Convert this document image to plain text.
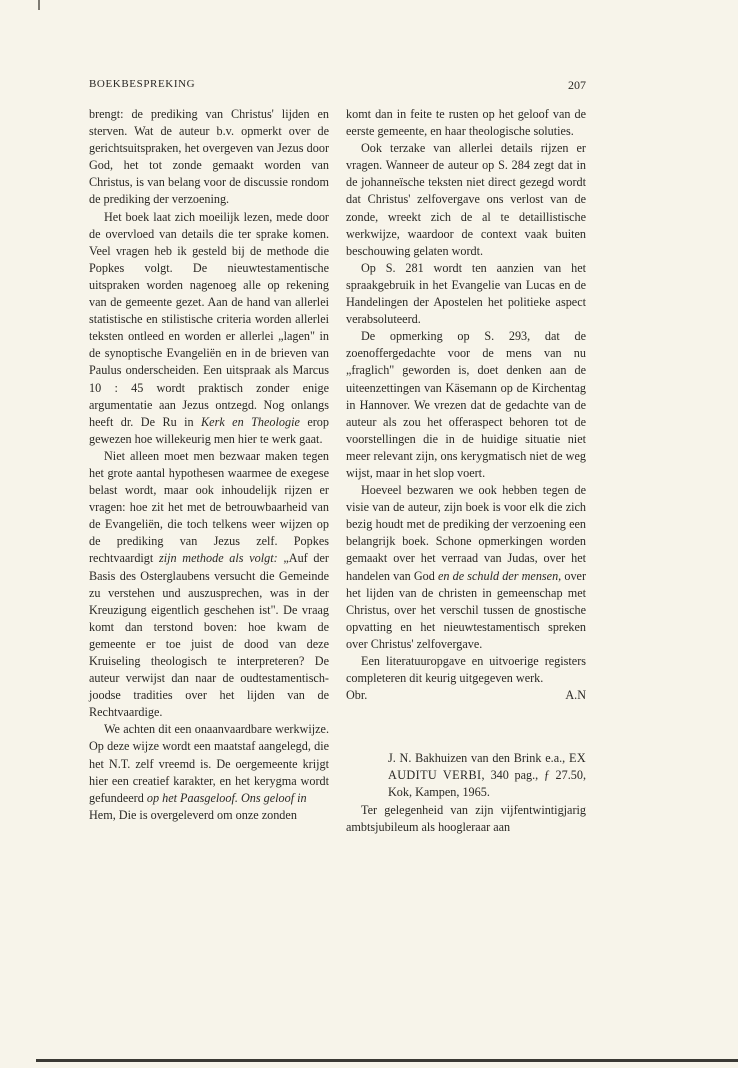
BOEKBESPREKING	207

brengt: de prediking van Christus' lijden en sterven. Wat de auteur b.v. opmerkt over de gerichtsuitspraken, het overgeven van Jezus door God, het tot zonde gemaakt worden van Christus, is van belang voor de discussie rondom de prediking der verzoening.

Het boek laat zich moeilijk lezen, mede door de overvloed van details die ter sprake komen. Veel vragen heb ik gesteld bij de methode die Popkes volgt. De nieuwtestamentische uitspraken worden nagenoeg alle op rekening van de gemeente gezet. Aan de hand van allerlei statistische en stilistische criteria worden allerlei teksten ontleed en worden er allerlei „lagen" in de synoptische Evangeliën en in de brieven van Paulus onderscheiden. Een uitspraak als Marcus 10 : 45 wordt praktisch zonder enige argumentatie aan Jezus ontzegd. Nog onlangs heeft dr. De Ru in Kerk en Theologie erop gewezen hoe willekeurig men hier te werk gaat.

Niet alleen moet men bezwaar maken tegen het grote aantal hypothesen waarmee de exegese belast wordt, maar ook inhoudelijk rijzen er vragen: hoe zit het met de betrouwbaarheid van de Evangeliën, die toch telkens weer wijzen op de prediking van Jezus zelf. Popkes rechtvaardigt zijn methode als volgt: „Auf der Basis des Osterglaubens versucht die Gemeinde zu verstehen und auszusprechen, was in der Kreuzigung eigentlich geschehen ist". De vraag komt dan terstond boven: hoe kwam de gemeente er toe juist de dood van deze Kruiseling theologisch te interpreteren? De auteur verwijst dan naar de oudtestamentisch-joodse tradities over het lijden van de Rechtvaardige.

We achten dit een onaanvaardbare werkwijze. Op deze wijze wordt een maatstaf aangelegd, die het N.T. zelf vreemd is. De oergemeente krijgt hier een creatief karakter, en het kerygma wordt gefundeerd op het Paasgeloof. Ons geloof in
Hem, Die is overgeleverd om onze zonden

komt dan in feite te rusten op het geloof van de eerste gemeente, en haar theologische soluties.

Ook terzake van allerlei details rijzen er vragen. Wanneer de auteur op S. 284 zegt dat in de johanneïsche teksten niet direct gezegd wordt dat Christus' zelfovergave ons verlost van de zonde, wreekt zich de al te detaillistische werkwijze, waardoor de context vaak buiten beschouwing gelaten wordt.

Op S. 281 wordt ten aanzien van het spraakgebruik in het Evangelie van Lucas en de Handelingen der Apostelen het politieke aspect verabsoluteerd.

De opmerking op S. 293, dat de zoenoffergedachte voor de mens van nu „fraglich" geworden is, doet denken aan de uiteenzettingen van Käsemann op de Kirchentag in Hannover. We vrezen dat de gedachte van de auteur als zou het offeraspect behoren tot de voorstellingen die in de huidige situatie niet meer relevant zijn, ons kerygmatisch niet de weg wijst, maar in het slop voert.

Hoeveel bezwaren we ook hebben tegen de visie van de auteur, zijn boek is voor elk die zich bezig houdt met de prediking der verzoening een belangrijk boek. Schone opmerkingen worden gemaakt over het verraad van Judas, over het handelen van God en de schuld der mensen, over het lijden van de christen in gemeenschap met Christus, over het verschil tussen de gnostische opvatting en het nieuwtestamentisch spreken over Christus' zelfovergave.

Een literatuuropgave en uitvoerige registers completeren dit keurig uitgegeven werk.

Obr.	A.N

J. N. Bakhuizen van den Brink e.a., EX AUDITU VERBI, 340 pag., ƒ 27.50, Kok, Kampen, 1965.

Ter gelegenheid van zijn vijfentwintigjarig ambtsjubileum als hoogleraar aan
